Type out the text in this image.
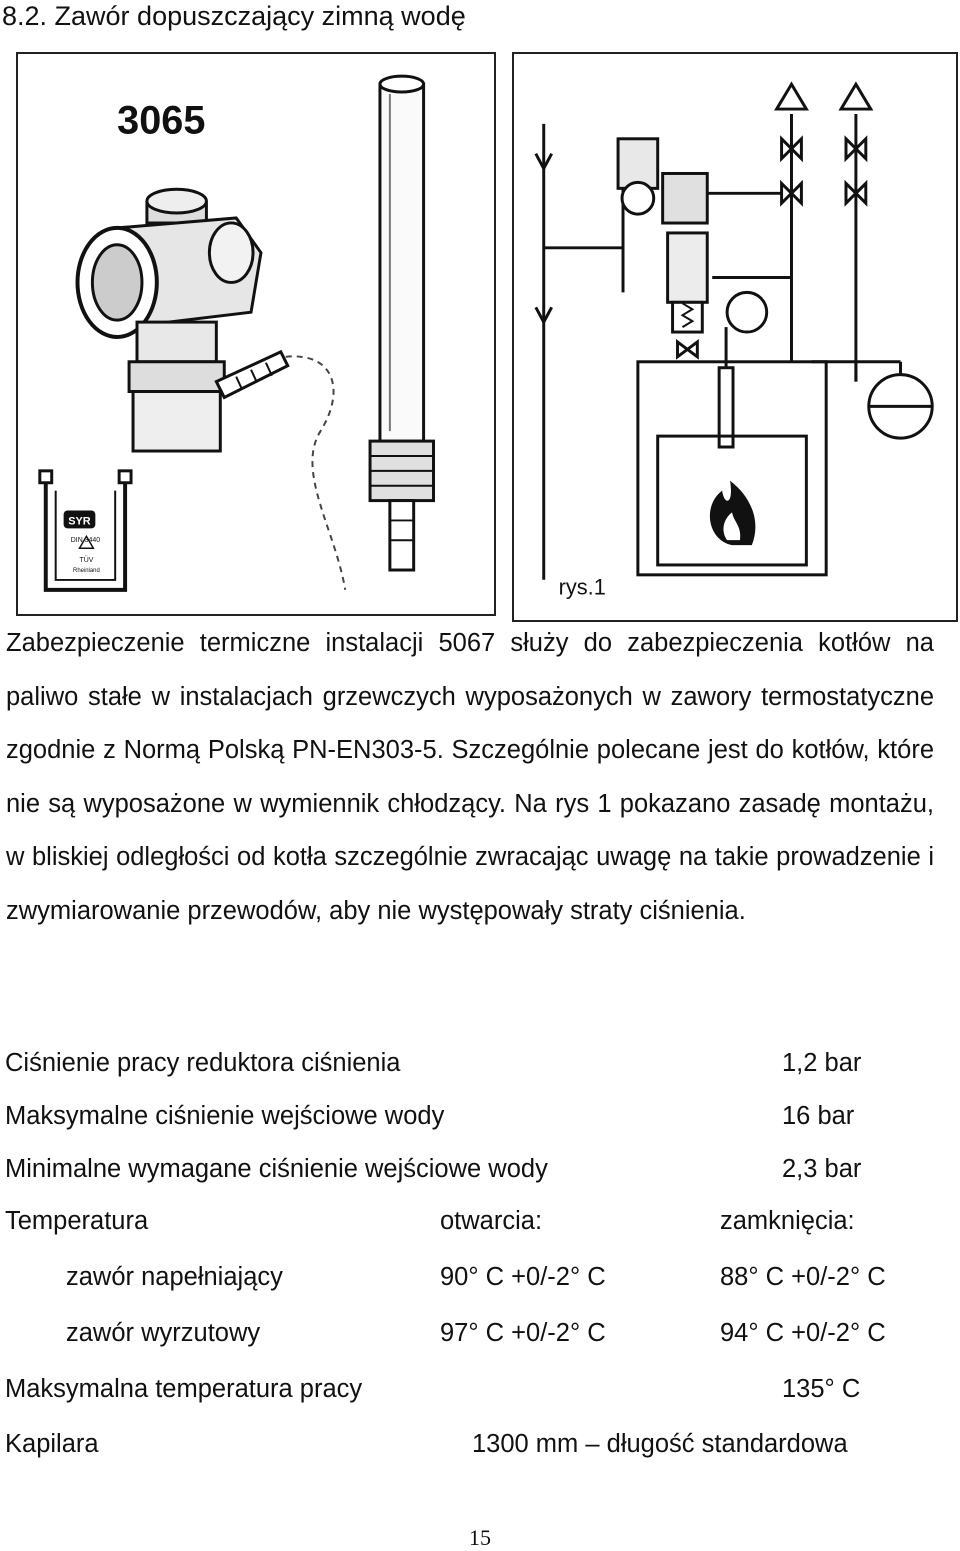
8.2. Zawór dopuszczający zimną wodę
3065
SYR
DIN 3440
TÜV
Rheinland
rys.1
Zabezpieczenie termiczne instalacji 5067 służy do zabezpieczenia kotłów na paliwo stałe w instalacjach grzewczych wyposażonych w zawory termostatyczne zgodnie z Normą Polską PN-EN303-5. Szczególnie polecane jest do kotłów, które nie są wyposażone w wymiennik chłodzący. Na rys 1 pokazano zasadę montażu, w bliskiej odległości od kotła szczególnie zwracając uwagę na takie prowadzenie i zwymiarowanie przewodów, aby nie występowały straty ciśnienia.
Ciśnienie pracy reduktora ciśnienia	1,2 bar
Maksymalne ciśnienie wejściowe wody	16 bar
Minimalne wymagane ciśnienie wejściowe wody	2,3 bar
Temperatura	otwarcia:	zamknięcia:
zawór napełniający	90° C +0/-2° C	88° C +0/-2° C
zawór wyrzutowy	97° C +0/-2° C	94° C +0/-2° C
Maksymalna temperatura pracy	135° C
Kapilara	1300 mm – długość standardowa
15
